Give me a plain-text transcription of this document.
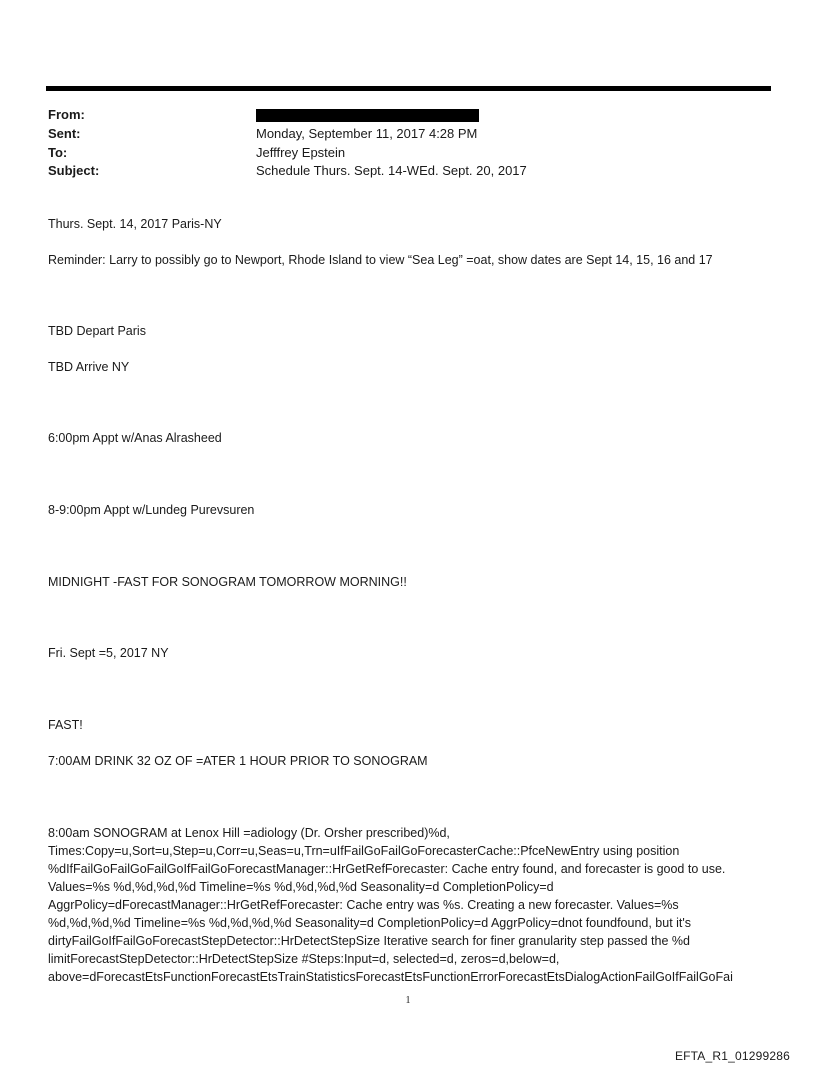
From:
Sent:	Monday, September 11, 2017 4:28 PM
To:	Jefffrey Epstein
Subject:	Schedule Thurs. Sept. 14-WEd. Sept. 20, 2017
Thurs. Sept. 14, 2017 Paris-NY
Reminder: Larry to possibly go to Newport, Rhode Island to view “Sea Leg” =oat, show dates are Sept 14, 15, 16 and 17
TBD Depart Paris
TBD Arrive NY
6:00pm Appt w/Anas Alrasheed
8-9:00pm Appt w/Lundeg Purevsuren
MIDNIGHT -FAST FOR SONOGRAM TOMORROW MORNING!!
Fri. Sept =5, 2017 NY
FAST!
7:00AM DRINK 32 OZ OF =ATER 1 HOUR PRIOR TO SONOGRAM
8:00am SONOGRAM at Lenox Hill =adiology (Dr. Orsher prescribed)%d,
Times:Copy=u,Sort=u,Step=u,Corr=u,Seas=u,Trn=uIfFailGoFailGoForecasterCache::PfceNewEntry using position
%dIfFailGoFailGoFailGoIfFailGoForecastManager::HrGetRefForecaster: Cache entry found, and forecaster is good to use.
Values=%s %d,%d,%d,%d Timeline=%s %d,%d,%d,%d Seasonality=d CompletionPolicy=d
AggrPolicy=dForecastManager::HrGetRefForecaster: Cache entry was %s. Creating a new forecaster. Values=%s
%d,%d,%d,%d Timeline=%s %d,%d,%d,%d Seasonality=d CompletionPolicy=d AggrPolicy=dnot foundfound, but it's
dirtyFailGoIfFailGoForecastStepDetector::HrDetectStepSize Iterative search for finer granularity step passed the %d
limitForecastStepDetector::HrDetectStepSize #Steps:Input=d, selected=d, zeros=d,below=d,
above=dForecastEtsFunctionForecastEtsTrainStatisticsForecastEtsFunctionErrorForecastEtsDialogActionFailGoIfFailGoFai
1
EFTA_R1_01299286
